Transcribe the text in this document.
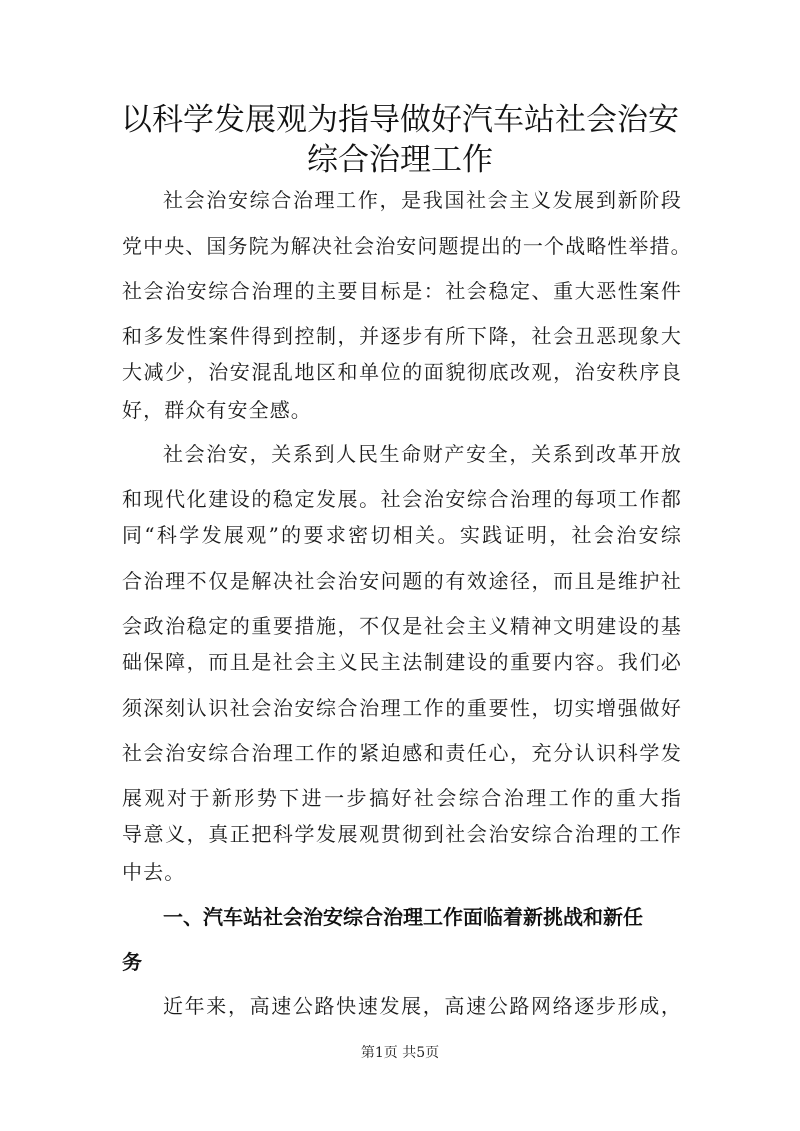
以科学发展观为指导做好汽车站社会治安
综合治理工作
社会治安综合治理工作，是我国社会主义发展到新阶段
党中央、国务院为解决社会治安问题提出的一个战略性举措。
社会治安综合治理的主要目标是：社会稳定、重大恶性案件
和多发性案件得到控制，并逐步有所下降，社会丑恶现象大
大减少，治安混乱地区和单位的面貌彻底改观，治安秩序良
好，群众有安全感。
社会治安，关系到人民生命财产安全，关系到改革开放
和现代化建设的稳定发展。社会治安综合治理的每项工作都
同“科学发展观”的要求密切相关。实践证明，社会治安综
合治理不仅是解决社会治安问题的有效途径，而且是维护社
会政治稳定的重要措施，不仅是社会主义精神文明建设的基
础保障，而且是社会主义民主法制建设的重要内容。我们必
须深刻认识社会治安综合治理工作的重要性，切实增强做好
社会治安综合治理工作的紧迫感和责任心，充分认识科学发
展观对于新形势下进一步搞好社会综合治理工作的重大指
导意义，真正把科学发展观贯彻到社会治安综合治理的工作
中去。
一、汽车站社会治安综合治理工作面临着新挑战和新任
务
近年来，高速公路快速发展，高速公路网络逐步形成，
第1页 共5页
